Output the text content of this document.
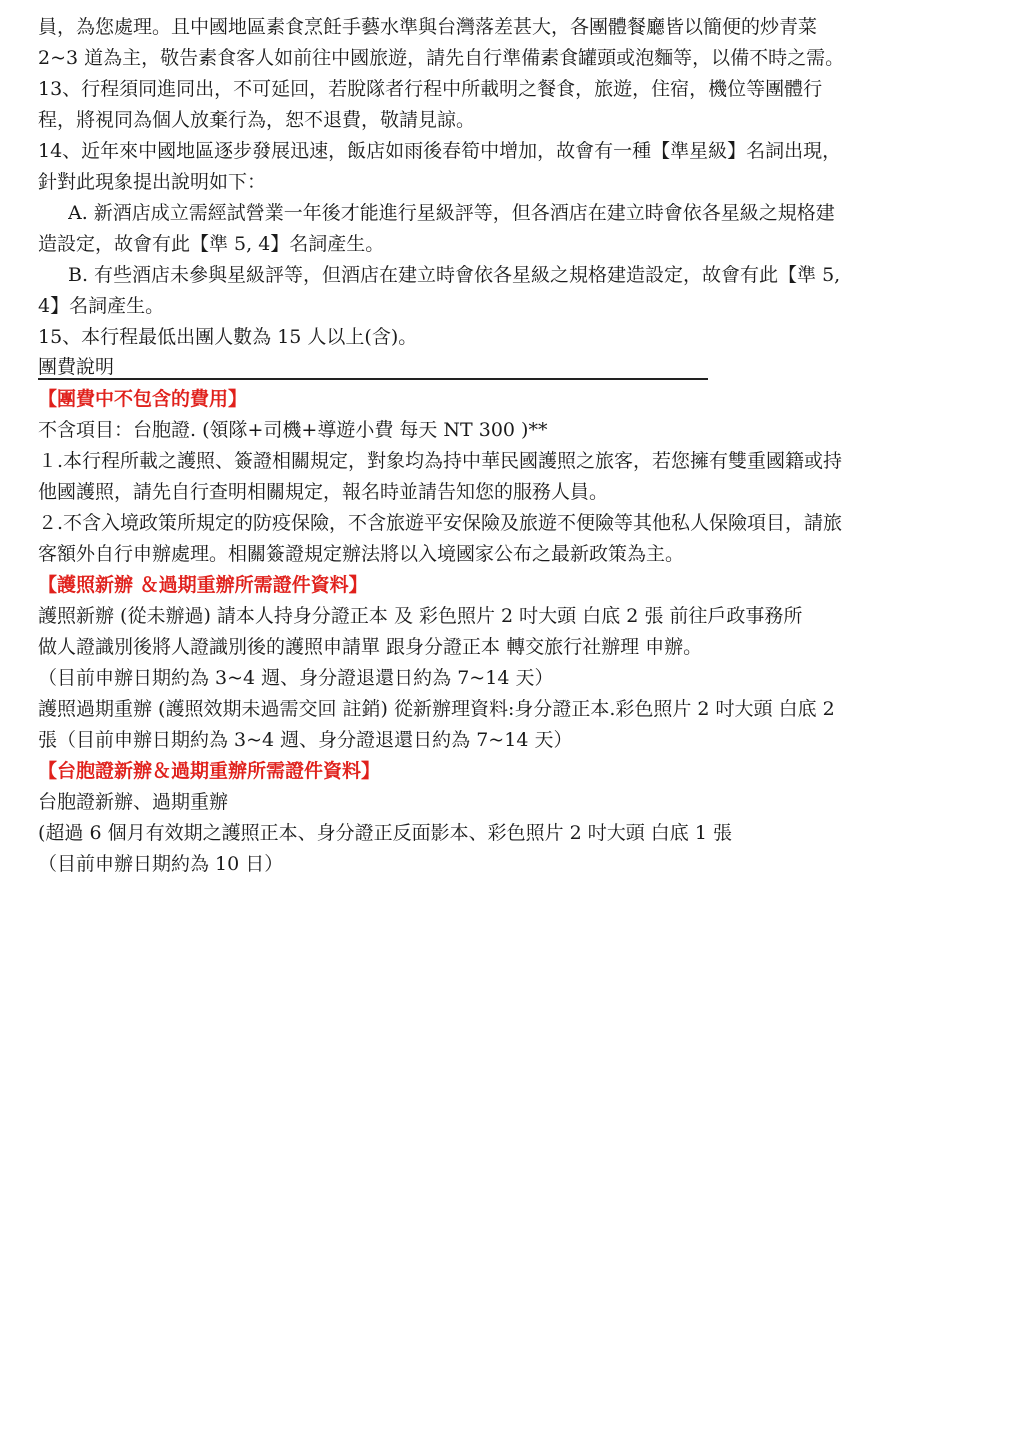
員，為您處理。且中國地區素食烹飪手藝水準與台灣落差甚大，各團體餐廳皆以簡便的炒青菜
2~3 道為主，敬告素食客人如前往中國旅遊，請先自行準備素食罐頭或泡麵等，以備不時之需。
13、行程須同進同出，不可延回，若脫隊者行程中所載明之餐食，旅遊，住宿，機位等團體行
程，將視同為個人放棄行為，恕不退費，敬請見諒。
14、近年來中國地區逐步發展迅速，飯店如雨後春筍中增加，故會有一種【準星級】名詞出現，
針對此現象提出說明如下：
A. 新酒店成立需經試營業一年後才能進行星級評等，但各酒店在建立時會依各星級之規格建
造設定，故會有此【準 5, 4】名詞產生。
B. 有些酒店未參與星級評等，但酒店在建立時會依各星級之規格建造設定，故會有此【準 5,
4】名詞產生。
15、本行程最低出團人數為 15 人以上(含)。
團費說明
【團費中不包含的費用】
不含項目：台胞證. (領隊+司機+導遊小費 每天 NT 300 )**
１.本行程所載之護照、簽證相關規定，對象均為持中華民國護照之旅客，若您擁有雙重國籍或持
他國護照，請先自行查明相關規定，報名時並請告知您的服務人員。
２.不含入境政策所規定的防疫保險，不含旅遊平安保險及旅遊不便險等其他私人保險項目，請旅
客額外自行申辦處理。相關簽證規定辦法將以入境國家公布之最新政策為主。
【護照新辦 ＆過期重辦所需證件資料】
護照新辦 (從未辦過) 請本人持身分證正本 及 彩色照片 2 吋大頭 白底 2 張 前往戶政事務所
做人證識別後將人證識別後的護照申請單 跟身分證正本 轉交旅行社辦理 申辦。
（目前申辦日期約為 3~4 週、身分證退還日約為 7~14 天）
護照過期重辦 (護照效期未過需交回 註銷) 從新辦理資料:身分證正本.彩色照片 2 吋大頭 白底 2
張（目前申辦日期約為 3~4 週、身分證退還日約為 7~14 天）
【台胞證新辦＆過期重辦所需證件資料】
台胞證新辦、過期重辦
(超過 6 個月有效期之護照正本、身分證正反面影本、彩色照片 2 吋大頭 白底 1 張
（目前申辦日期約為 10 日）
